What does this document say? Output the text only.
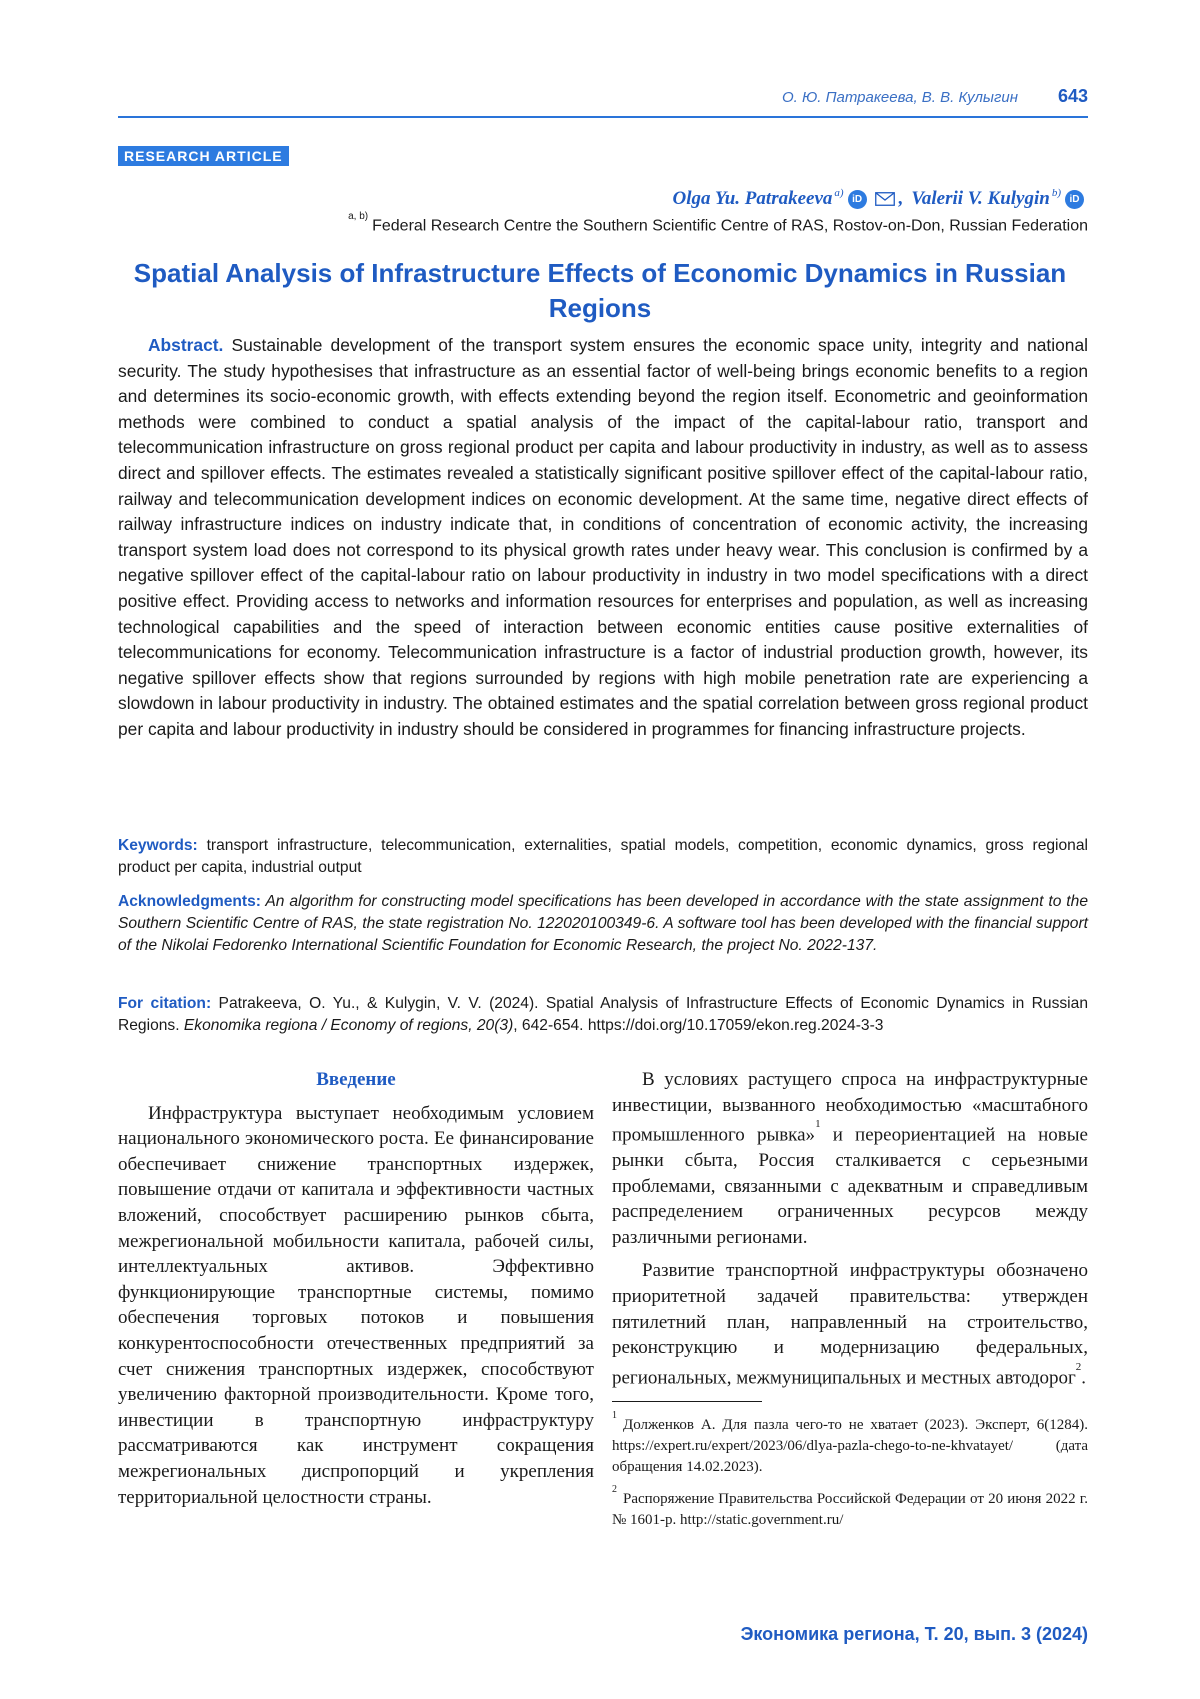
О. Ю. Патракеева, В. В. Кулыгин 643
RESEARCH ARTICLE
Olga Yu. Patrakeeva$^{a)}$ iD , Valerii V. Kulygin$^{b)}$ iD
$^{a, b)}$Federal Research Centre the Southern Scientific Centre of RAS, Rostov-on-Don, Russian Federation
Spatial Analysis of Infrastructure Effects of Economic Dynamics in Russian Regions

Abstract. Sustainable development of the transport system ensures the economic space unity, integrity and national security. The study hypothesises that infrastructure as an essential factor of well-being brings economic benefits to a region and determines its socio-economic growth, with effects extending beyond the region itself. Econometric and geoinformation methods were combined to conduct a spatial analysis of the impact of the capital-labour ratio, transport and telecommunication infrastructure on gross regional product per capita and labour productivity in industry, as well as to assess direct and spillover effects. The estimates revealed a statistically significant positive spillover effect of the capital-labour ratio, railway and telecommunication development indices on economic development. At the same time, negative direct effects of railway infrastructure indices on industry indicate that, in conditions of concentration of economic activity, the increasing transport system load does not correspond to its physical growth rates under heavy wear. This conclusion is confirmed by a negative spillover effect of the capital-labour ratio on labour productivity in industry in two model specifications with a direct positive effect. Providing access to networks and information resources for enterprises and population, as well as increasing technological capabilities and the speed of interaction between economic entities cause positive externalities of telecommunications for economy. Telecommunication infrastructure is a factor of industrial production growth, however, its negative spillover effects show that regions surrounded by regions with high mobile penetration rate are experiencing a slowdown in labour productivity in industry. The obtained estimates and the spatial correlation between gross regional product per capita and labour productivity in industry should be considered in programmes for financing infrastructure projects.

Keywords: transport infrastructure, telecommunication, externalities, spatial models, competition, economic dynamics, gross regional product per capita, industrial output

Acknowledgments: An algorithm for constructing model specifications has been developed in accordance with the state assignment to the Southern Scientific Centre of RAS, the state registration No. 122020100349-6. A software tool has been developed with the financial support of the Nikolai Fedorenko International Scientific Foundation for Economic Research, the project No. 2022-137.

For citation: Patrakeeva, O. Yu., & Kulygin, V. V. (2024). Spatial Analysis of Infrastructure Effects of Economic Dynamics in Russian Regions. Ekonomika regiona / Economy of regions, 20(3), 642-654. https://doi.org/10.17059/ekon.reg.2024-3-3

Введение

Инфраструктура выступает необходимым условием национального экономического роста. Ее финансирование обеспечивает снижение транспортных издержек, повышение отдачи от капитала и эффективности частных вложений, способствует расширению рынков сбыта, межрегиональной мобильности капитала, рабочей силы, интеллектуальных активов. Эффективно функционирующие транспортные системы, помимо обеспечения торговых потоков и повышения конкурентоспособности отечественных предприятий за счет снижения транспортных издержек, способствуют увеличению факторной производительности. Кроме того, инвестиции в транспортную инфраструктуру рассматриваются как инструмент сокращения межрегиональных диспропорций и укрепления территориальной целостности страны.

В условиях растущего спроса на инфраструктурные инвестиции, вызванного необходимостью «масштабного промышленного рывка»$^1$ и переориентацией на новые рынки сбыта, Россия сталкивается с серьезными проблемами, связанными с адекватным и справедливым распределением ограниченных ресурсов между различными регионами.

Развитие транспортной инфраструктуры обозначено приоритетной задачей правительства: утвержден пятилетний план, направленный на строительство, реконструкцию и модернизацию федеральных, региональных, межмуниципальных и местных автодорог$^2$.

$^1$Долженков А. Для пазла чего-то не хватает (2023). Эксперт, 6(1284). https://expert.ru/expert/2023/06/dlya-pazla-chego-to-ne-khvatayet/ (дата обращения 14.02.2023).

$^2$Распоряжение Правительства Российской Федерации от 20 июня 2022 г. № 1601-р. http://static.government.ru/

Экономика региона, Т. 20, вып. 3 (2024)
